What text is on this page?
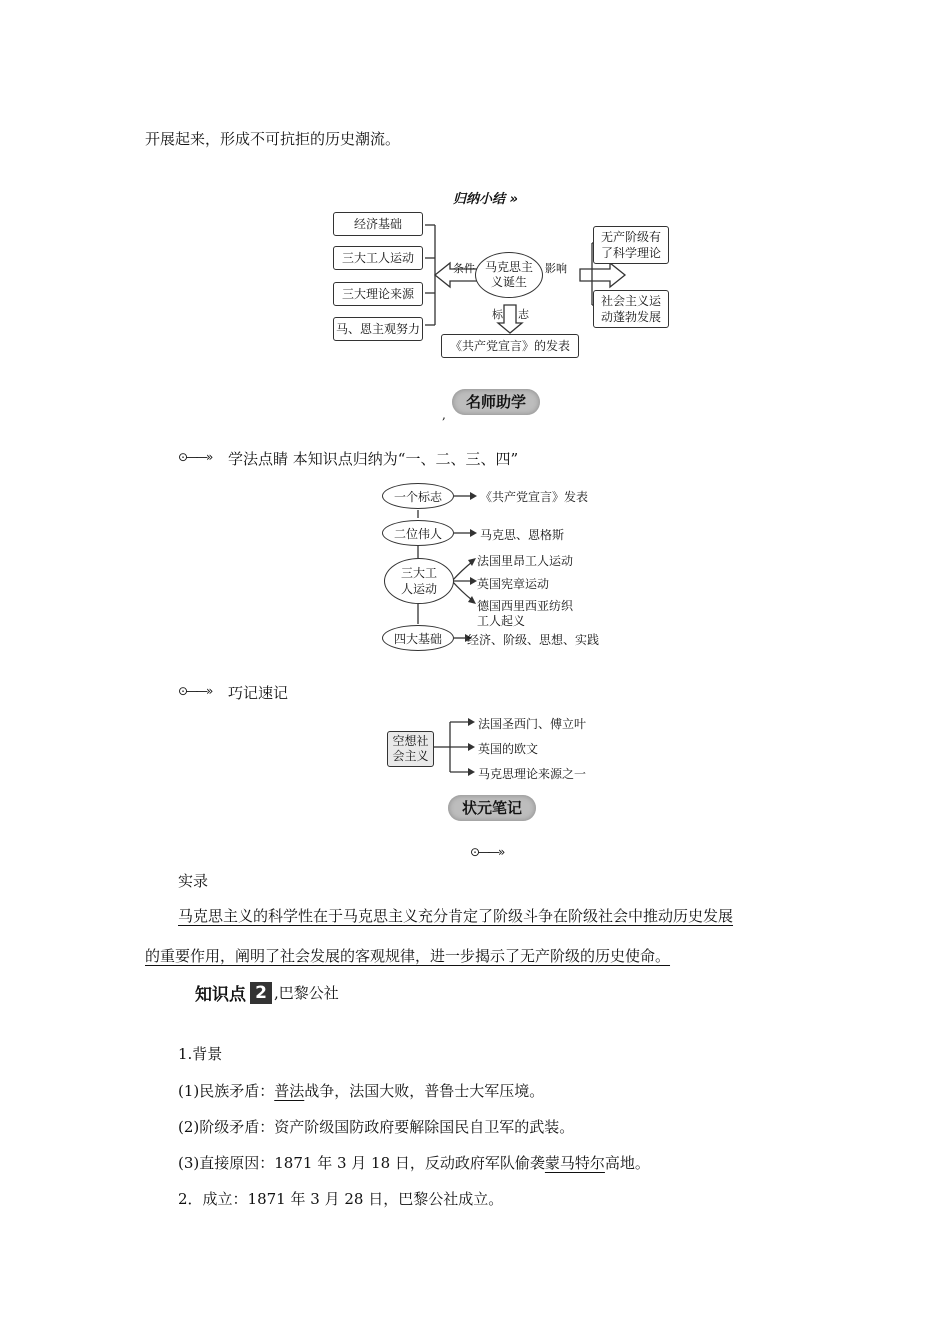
开展起来，形成不可抗拒的历史潮流。
归纳小结 »
经济基础
三大工人运动
三大理论来源
马、恩主观努力
马克思主
义诞生
条件	影响
标 志
《共产党宣言》的发表
无产阶级有
了科学理论
社会主义运
动蓬勃发展
名师助学
,
⊙——» 学法点睛 本知识点归纳为“一、二、三、四”
一个标志	《共产党宣言》发表
二位伟人	马克思、恩格斯
三大工
人运动
法国里昂工人运动
英国宪章运动
德国西里西亚纺织
工人起义
四大基础	经济、阶级、思想、实践
⊙——» 巧记速记
空想社
会主义
法国圣西门、傅立叶
英国的欧文
马克思理论来源之一
状元笔记
⊙——»
实录
马克思主义的科学性在于马克思主义充分肯定了阶级斗争在阶级社会中推动历史发展
的重要作用，阐明了社会发展的客观规律，进一步揭示了无产阶级的历史使命。
知识点 2 ,巴黎公社
1.背景
(1)民族矛盾：普法战争，法国大败，普鲁士大军压境。
(2)阶级矛盾：资产阶级国防政府要解除国民自卫军的武装。
(3)直接原因：1871 年 3 月 18 日，反动政府军队偷袭蒙马特尔高地。
2．成立：1871 年 3 月 28 日，巴黎公社成立。
